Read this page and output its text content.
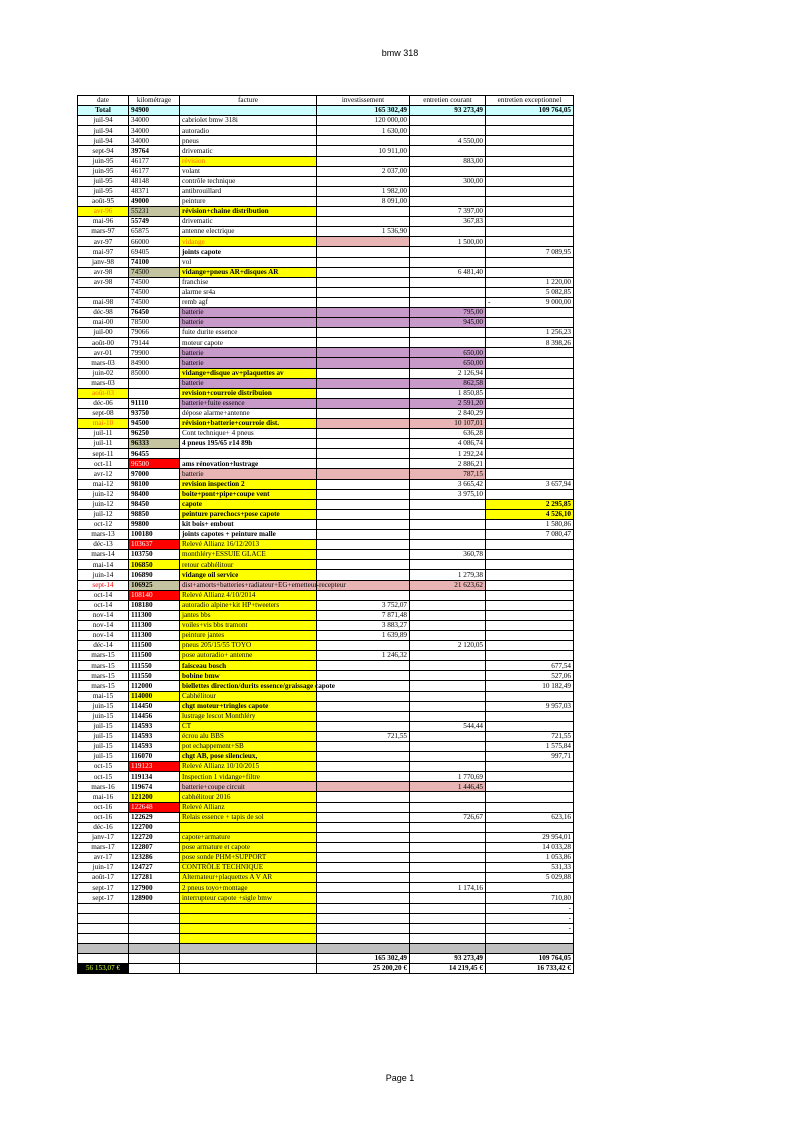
bmw 318
date	kilométrage	facture	investissement	entretien courant	entretien exceptionnel
Total	94900		165 302,49	93 273,49	109 764,05
juil-94	34000	cabriolet bmw 318i	120 000,00		
juil-94	34000	autoradio	1 630,00		
juil-94	34000	pneus		4 550,00	
sept-94	39764	drivematic	10 911,00		
juin-95	46177	révision		883,00	
juin-95	46177	volant	2 037,00		
juil-95	48148	contrôle technique		300,00	
juil-95	48371	antibrouillard	1 982,00		
août-95	49000	peinture	8 091,00		
avr-96	55231	révision+chaine distribution		7 397,00	
mai-96	55749	drivematic		367,83	
mars-97	65875	antenne electrique	1 536,90		
avr-97	66000	vidange		1 500,00	
mai-97	69405	joints capote			7 089,95
janv-98	74100	vol			
avr-98	74500	vidange+pneus AR+disques AR		6 481,40	
avr-98	74500	franchise			1 220,00
	74500	alarme sr4a			5 082,85
mai-98	74500	remb agf			- 9 000,00
déc-98	76450	batterie		795,00	
mai-00	78500	batterie		945,00	
juil-00	79066	fuite durite essence			1 256,23
août-00	79144	moteur capote			8 398,26
avr-01	79900	batterie		650,00	
mars-03	84900	batterie		650,00	
juin-02	85000	vidange+disque av+plaquettes av		2 126,94	
mars-03		batterie		862,58	
août-03		revision+courroie distribuion		1 850,85	
déc-06	91110	batterie+fuite essence		2 591,20	
sept-08	93750	dépose alarme+antenne		2 840,29	
mai-10	94500	révision+batterie+courroie dist.		10 107,01	
juil-11	96250	Cont technique+ 4 pneus		636,28	
juil-11	96333	4 pneus 195/65 r14 89h		4 086,74	
sept-11	96455			1 292,24	
oct-11	96500	ams rénovation+lustrage		2 886,21	
avr-12	97000	batterie		787,15	
mai-12	98100	revision inspection 2		3 665,42	3 657,94
juin-12	98400	boite+pont+pipe+coupe vent		3 975,10	
juin-12	98450	capote			2 295,85
juil-12	98850	peinture parechocs+pose capote			4 526,10
oct-12	99800	kit bois+ embout			1 580,86
mars-13	100180	joints capotes + peinture malle			7 080,47
déc-13	103637	Relevé Allianz 16/12/2013			
mars-14	103750	monthléry+ESSUIE GLACE		360,78	
mai-14	106850	retour cabhélitour			
juin-14	106890	vidange oil service		1 279,38	
sept-14	106925	dist+amorts+batteries+radiateur+EG+emetteur-recepteur		21 623,62	
oct-14	108140	Relevé Allianz 4/10/2014			
oct-14	108180	autoradio alpine+kit HP+tweeters	3 752,07		
nov-14	111300	jantes bbs	7 871,48		
nov-14	111300	voiles+vis bbs tramont	3 883,27		
nov-14	111300	peinture jantes	1 639,89		
déc-14	111500	pneus 205/15/55 TOYO		2 120,05	
mars-15	111500	pose autoradio+ antenne	1 246,32		
mars-15	111550	faisceau bosch			677,54
mars-15	111550	bobine bmw			527,06
mars-15	112000	biellettes direction/durits essence/graissage capote			10 182,49
mai-15	114000	Cabhélitour			
juin-15	114450	chgt moteur+tringles capote			9 957,03
juin-15	114456	lustrage lescot Monthléry			
juil-15	114593	CT		544,44	
juil-15	114593	écrou alu BBS	721,55		721,55
juil-15	114593	pot echappement+SB			1 575,84
juil-15	116070	chgt AB, pose silencieux,			997,71
oct-15	119123	Relevé Allianz 10/10/2015			
oct-15	119134	Inspection 1 vidange+filtre		1 770,69	
mars-16	119674	batterie+coupe circuit		1 446,45	
mai-16	121200	cabhélitour 2016			
oct-16	122648	Relevé Allianz			
oct-16	122629	Relais essence + tapis de sol		726,67	623,16
déc-16	122700				
janv-17	122720	capote+armature			29 954,01
mars-17	122807	pose armature et capote			14 033,28
avr-17	123286	pose sonde PHM+SUPPORT			1 053,86
juin-17	124727	CONTRÔLE TECHNIQUE			531,33
août-17	127281	Alternateur+plaquettes A V AR			5 029,88
sept-17	127900	2 pneus toyo+montage		1 174,16	
sept-17	128900	interrupteur capote +sigle bmw			710,80
					-
					-
					-

			165 302,49	93 273,49	109 764,05
56 153,07 €			25 200,20 €	14 219,45 €	16 733,42 €
Page 1
